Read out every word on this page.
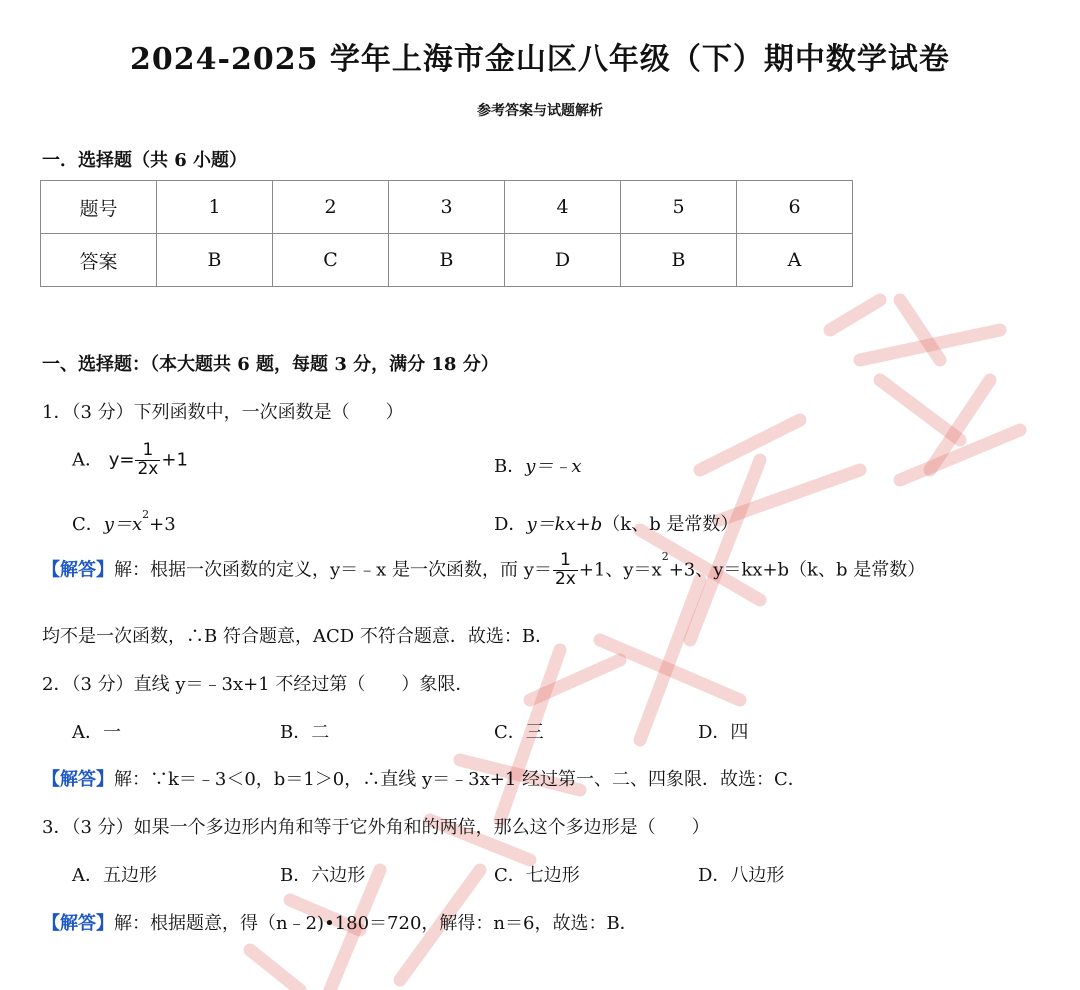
2024-2025 学年上海市金山区八年级（下）期中数学试卷
参考答案与试题解析
一．选择题（共 6 小题）
题号	1	2	3	4	5	6
答案	B	C	B	D	B	A
一、选择题：（本大题共 6 题，每题 3 分，满分 18 分）
1．（3 分）下列函数中，一次函数是（　　）
A． $y= \frac{1}{2x} +1$	B．y＝﹣x
C．$y=x^2+3$	D．y＝kx+b（k、b 是常数）
【解答】解：根据一次函数的定义，y＝﹣x 是一次函数，而 $y= \frac{1}{2x} +1$、$y=x^2+3$、y＝kx+b（k、b 是常数）
均不是一次函数，∴B 符合题意，ACD 不符合题意．故选：B．
2．（3 分）直线 y＝﹣3x+1 不经过第（　　）象限．
A．一	B．二	C．三	D．四
【解答】解：∵k＝﹣3＜0，b＝1＞0，∴直线 y＝﹣3x+1 经过第一、二、四象限．故选：C．
3．（3 分）如果一个多边形内角和等于它外角和的两倍，那么这个多边形是（　　）
A．五边形	B．六边形	C．七边形	D．八边形
【解答】解：根据题意，得（n﹣2)•180＝720，解得：n＝6，故选：B．
